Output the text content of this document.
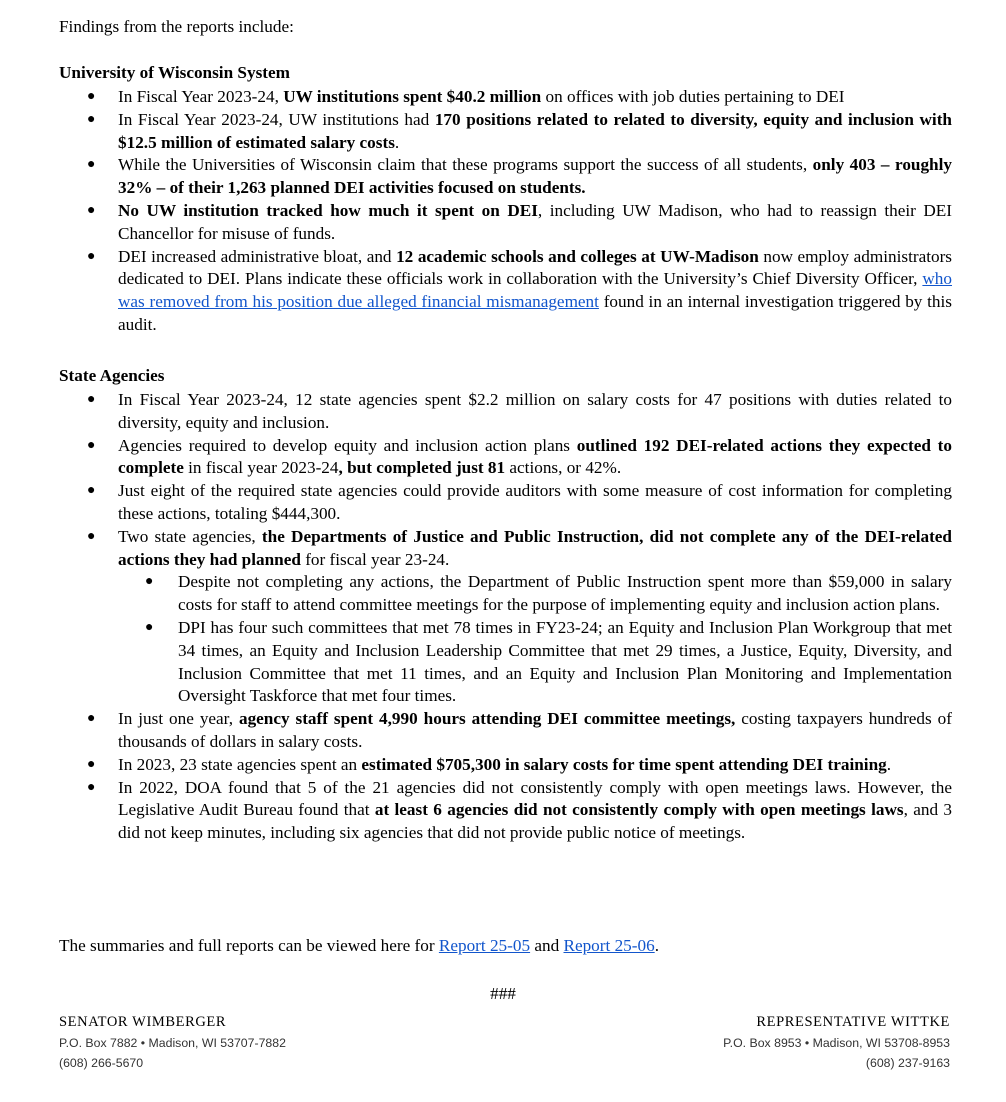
Findings from the reports include:
University of Wisconsin System
● In Fiscal Year 2023-24, UW institutions spent $40.2 million on offices with job duties pertaining to DEI
● In Fiscal Year 2023-24, UW institutions had 170 positions related to related to diversity, equity and inclusion with $12.5 million of estimated salary costs.
● While the Universities of Wisconsin claim that these programs support the success of all students, only 403 – roughly 32% – of their 1,263 planned DEI activities focused on students.
● No UW institution tracked how much it spent on DEI, including UW Madison, who had to reassign their DEI Chancellor for misuse of funds.
● DEI increased administrative bloat, and 12 academic schools and colleges at UW-Madison now employ administrators dedicated to DEI. Plans indicate these officials work in collaboration with the University’s Chief Diversity Officer, who was removed from his position due alleged financial mismanagement found in an internal investigation triggered by this audit.
State Agencies
● In Fiscal Year 2023-24, 12 state agencies spent $2.2 million on salary costs for 47 positions with duties related to diversity, equity and inclusion.
● Agencies required to develop equity and inclusion action plans outlined 192 DEI-related actions they expected to complete in fiscal year 2023-24, but completed just 81 actions, or 42%.
● Just eight of the required state agencies could provide auditors with some measure of cost information for completing these actions, totaling $444,300.
● Two state agencies, the Departments of Justice and Public Instruction, did not complete any of the DEI-related actions they had planned for fiscal year 23-24.
● Despite not completing any actions, the Department of Public Instruction spent more than $59,000 in salary costs for staff to attend committee meetings for the purpose of implementing equity and inclusion action plans.
● DPI has four such committees that met 78 times in FY23-24; an Equity and Inclusion Plan Workgroup that met 34 times, an Equity and Inclusion Leadership Committee that met 29 times, a Justice, Equity, Diversity, and Inclusion Committee that met 11 times, and an Equity and Inclusion Plan Monitoring and Implementation Oversight Taskforce that met four times.
● In just one year, agency staff spent 4,990 hours attending DEI committee meetings, costing taxpayers hundreds of thousands of dollars in salary costs.
● In 2023, 23 state agencies spent an estimated $705,300 in salary costs for time spent attending DEI training.
● In 2022, DOA found that 5 of the 21 agencies did not consistently comply with open meetings laws. However, the Legislative Audit Bureau found that at least 6 agencies did not consistently comply with open meetings laws, and 3 did not keep minutes, including six agencies that did not provide public notice of meetings.
The summaries and full reports can be viewed here for Report 25-05 and Report 25-06.
###
SENATOR WIMBERGER
P.O. Box 7882 • Madison, WI 53707-7882
(608) 266-5670
REPRESENTATIVE WITTKE
P.O. Box 8953 • Madison, WI 53708-8953
(608) 237-9163
